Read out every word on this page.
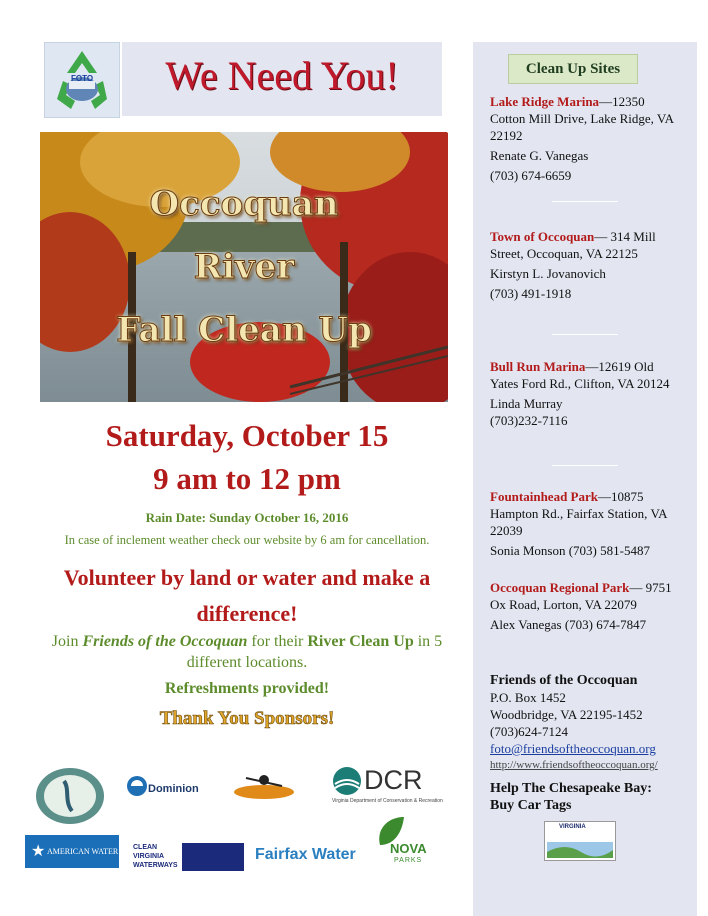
FOTO	We Need You!
Occoquan
River
Fall Clean Up
Saturday, October 15
9 am to 12 pm
Rain Date: Sunday October 16, 2016
In case of inclement weather check our website by 6 am for cancellation.
Volunteer by land or water and make a
difference!
Join Friends of the Occoquan for their River Clean Up in 5 different locations.
Refreshments provided!
Thank You Sponsors!
Dominion	DCR
Virginia Department of Conservation & Recreation
★ AMERICAN WATER CLEAN
VIRGINIA
WATERWAYS
Fairfax Water	NOVA
PARKS
Clean Up Sites

Lake Ridge Marina—12350 Cotton Mill Drive, Lake Ridge, VA 22192

Renate G. Vanegas

(703) 674-6659

Town of Occoquan— 314 Mill Street, Occoquan, VA 22125

Kirstyn L. Jovanovich

(703) 491-1918

Bull Run Marina—12619 Old Yates Ford Rd., Clifton, VA 20124

Linda Murray

(703)232-7116

Fountainhead Park—10875 Hampton Rd., Fairfax Station, VA 22039

Sonia Monson (703) 581-5487

Occoquan Regional Park— 9751 Ox Road, Lorton, VA 22079

Alex Vanegas (703) 674-7847

Friends of the Occoquan
P.O. Box 1452
Woodbridge, VA 22195-1452
(703)624-7124
foto@friendsoftheoccoquan.org
http://www.friendsoftheoccoquan.org/
Help The Chesapeake Bay:
Buy Car Tags
VIRGINIA
